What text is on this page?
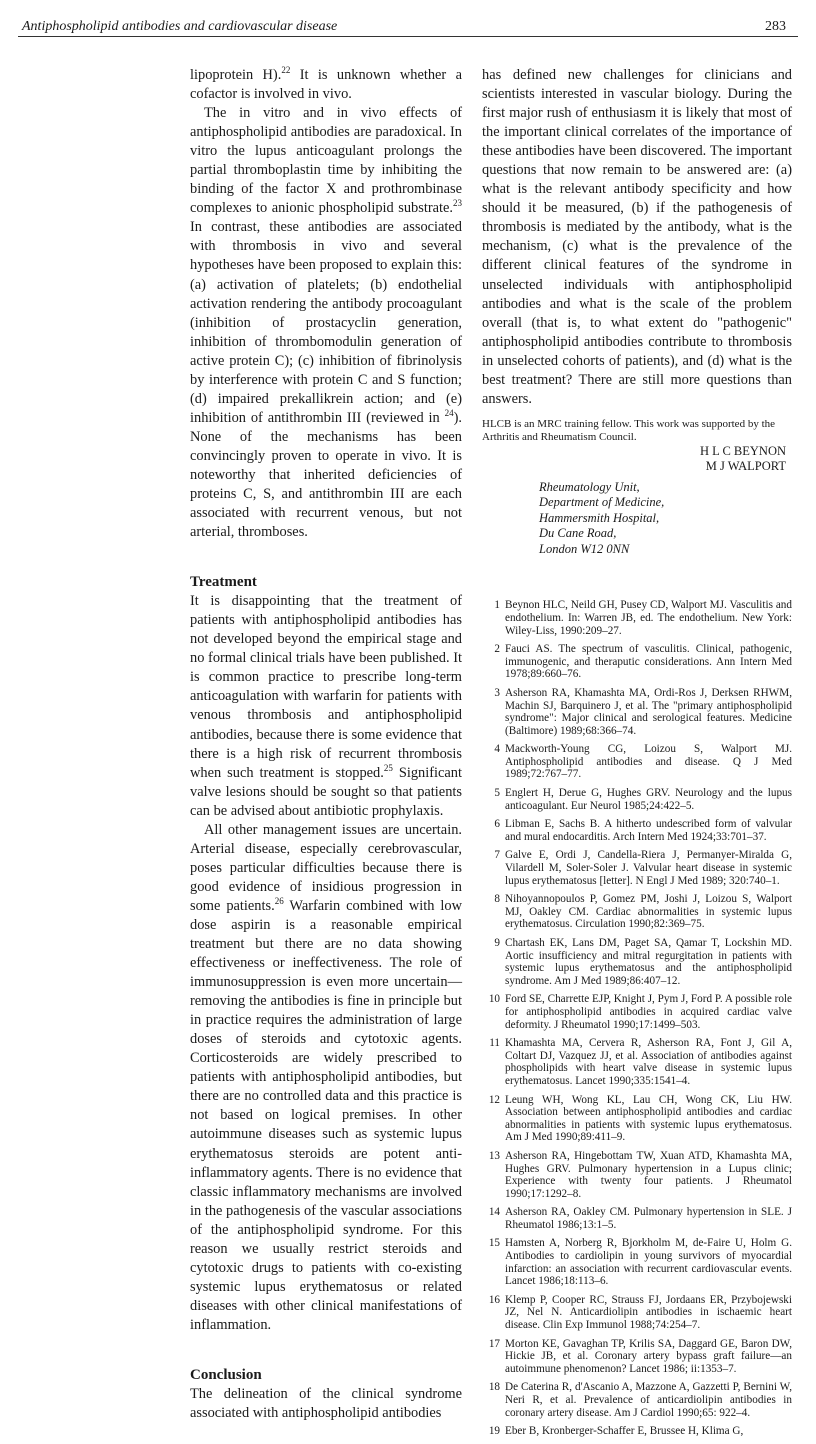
Antiphospholipid antibodies and cardiovascular disease	283

lipoprotein H).$^{22}$ It is unknown whether a cofactor is involved in vivo.

The in vitro and in vivo effects of antiphospholipid antibodies are paradoxical. In vitro the lupus anticoagulant prolongs the partial thromboplastin time by inhibiting the binding of the factor X and prothrombinase complexes to anionic phospholipid substrate.$^{23}$ In contrast, these antibodies are associated with thrombosis in vivo and several hypotheses have been proposed to explain this: (a) activation of platelets; (b) endothelial activation rendering the antibody procoagulant (inhibition of prostacyclin generation, inhibition of thrombomodulin generation of active protein C); (c) inhibition of fibrinolysis by interference with protein C and S function; (d) impaired prekallikrein action; and (e) inhibition of antithrombin III (reviewed in $^{24}$). None of the mechanisms has been convincingly proven to operate in vivo. It is noteworthy that inherited deficiencies of proteins C, S, and antithrombin III are each associated with recurrent venous, but not arterial, thromboses.

Treatment

It is disappointing that the treatment of patients with antiphospholipid antibodies has not developed beyond the empirical stage and no formal clinical trials have been published. It is common practice to prescribe long-term anticoagulation with warfarin for patients with venous thrombosis and antiphospholipid antibodies, because there is some evidence that there is a high risk of recurrent thrombosis when such treatment is stopped.$^{25}$ Significant valve lesions should be sought so that patients can be advised about antibiotic prophylaxis.

All other management issues are uncertain. Arterial disease, especially cerebrovascular, poses particular difficulties because there is good evidence of insidious progression in some patients.$^{26}$ Warfarin combined with low dose aspirin is a reasonable empirical treatment but there are no data showing effectiveness or ineffectiveness. The role of immunosuppression is even more uncertain—removing the antibodies is fine in principle but in practice requires the administration of large doses of steroids and cytotoxic agents. Corticosteroids are widely prescribed to patients with antiphospholipid antibodies, but there are no controlled data and this practice is not based on logical premises. In other autoimmune diseases such as systemic lupus erythematosus steroids are potent anti-inflammatory agents. There is no evidence that classic inflammatory mechanisms are involved in the pathogenesis of the vascular associations of the antiphospholipid syndrome. For this reason we usually restrict steroids and cytotoxic drugs to patients with co-existing systemic lupus erythematosus or related diseases with other clinical manifestations of inflammation.

Conclusion

The delineation of the clinical syndrome associated with antiphospholipid antibodies

has defined new challenges for clinicians and scientists interested in vascular biology. During the first major rush of enthusiasm it is likely that most of the important clinical correlates of the importance of these antibodies have been discovered. The important questions that now remain to be answered are: (a) what is the relevant antibody specificity and how should it be measured, (b) if the pathogenesis of thrombosis is mediated by the antibody, what is the mechanism, (c) what is the prevalence of the different clinical features of the syndrome in unselected individuals with antiphospholipid antibodies and what is the scale of the problem overall (that is, to what extent do "pathogenic" antiphospholipid antibodies contribute to thrombosis in unselected cohorts of patients), and (d) what is the best treatment? There are still more questions than answers.

HLCB is an MRC training fellow. This work was supported by the Arthritis and Rheumatism Council.
H L C BEYNON
M J WALPORT
Rheumatology Unit,
Department of Medicine,
Hammersmith Hospital,
Du Cane Road,
London W12 0NN
1 Beynon HLC, Neild GH, Pusey CD, Walport MJ. Vasculitis and endothelium. In: Warren JB, ed. The endothelium. New York: Wiley-Liss, 1990:209–27.
2 Fauci AS. The spectrum of vasculitis. Clinical, pathogenic, immunogenic, and theraputic considerations. Ann Intern Med 1978;89:660–76.
3 Asherson RA, Khamashta MA, Ordi-Ros J, Derksen RHWM, Machin SJ, Barquinero J, et al. The "primary antiphospholipid syndrome": Major clinical and serological features. Medicine (Baltimore) 1989;68:366–74.
4 Mackworth-Young CG, Loizou S, Walport MJ. Antiphospholipid antibodies and disease. Q J Med 1989;72:767–77.
5 Englert H, Derue G, Hughes GRV. Neurology and the lupus anticoagulant. Eur Neurol 1985;24:422–5.
6 Libman E, Sachs B. A hitherto undescribed form of valvular and mural endocarditis. Arch Intern Med 1924;33:701–37.
7 Galve E, Ordi J, Candella-Riera J, Permanyer-Miralda G, Vilardell M, Soler-Soler J. Valvular heart disease in systemic lupus erythematosus [letter]. N Engl J Med 1989; 320:740–1.
8 Nihoyannopoulos P, Gomez PM, Joshi J, Loizou S, Walport MJ, Oakley CM. Cardiac abnormalities in systemic lupus erythematosus. Circulation 1990;82:369–75.
9 Chartash EK, Lans DM, Paget SA, Qamar T, Lockshin MD. Aortic insufficiency and mitral regurgitation in patients with systemic lupus erythematosus and the antiphospholipid syndrome. Am J Med 1989;86:407–12.
10 Ford SE, Charrette EJP, Knight J, Pym J, Ford P. A possible role for antiphospholipid antibodies in acquired cardiac valve deformity. J Rheumatol 1990;17:1499–503.
11 Khamashta MA, Cervera R, Asherson RA, Font J, Gil A, Coltart DJ, Vazquez JJ, et al. Association of antibodies against phospholipids with heart valve disease in systemic lupus erythematosus. Lancet 1990;335:1541–4.
12 Leung WH, Wong KL, Lau CH, Wong CK, Liu HW. Association between antiphospholipid antibodies and cardiac abnormalities in patients with systemic lupus erythematosus. Am J Med 1990;89:411–9.
13 Asherson RA, Hingebottam TW, Xuan ATD, Khamashta MA, Hughes GRV. Pulmonary hypertension in a Lupus clinic; Experience with twenty four patients. J Rheumatol 1990;17:1292–8.
14 Asherson RA, Oakley CM. Pulmonary hypertension in SLE. J Rheumatol 1986;13:1–5.
15 Hamsten A, Norberg R, Bjorkholm M, de-Faire U, Holm G. Antibodies to cardiolipin in young survivors of myocardial infarction: an association with recurrent cardiovascular events. Lancet 1986;18:113–6.
16 Klemp P, Cooper RC, Strauss FJ, Jordaans ER, Przybojewski JZ, Nel N. Anticardiolipin antibodies in ischaemic heart disease. Clin Exp Immunol 1988;74:254–7.
17 Morton KE, Gavaghan TP, Krilis SA, Daggard GE, Baron DW, Hickie JB, et al. Coronary artery bypass graft failure—an autoimmune phenomenon? Lancet 1986; ii:1353–7.
18 De Caterina R, d'Ascanio A, Mazzone A, Gazzetti P, Bernini W, Neri R, et al. Prevalence of anticardiolipin antibodies in coronary artery disease. Am J Cardiol 1990;65: 922–4.
19 Eber B, Kronberger-Schaffer E, Brussee H, Klima G,
